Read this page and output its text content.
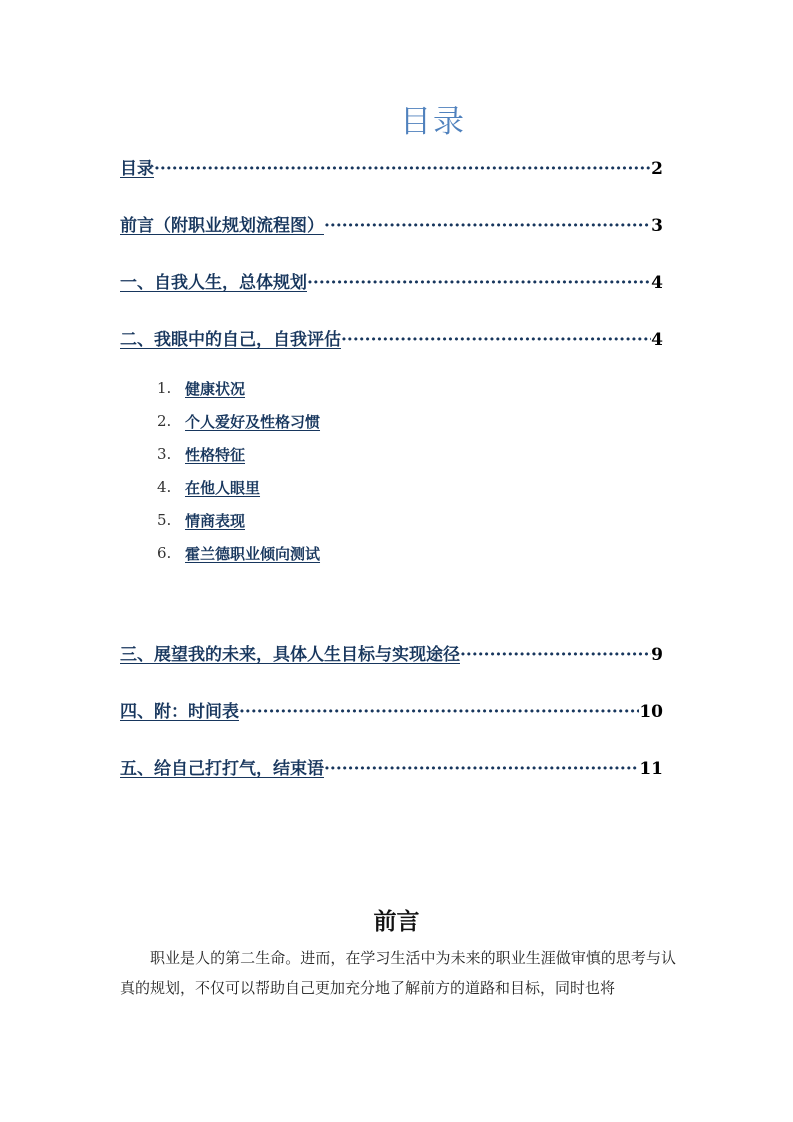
目录
目录 ·····	2
前言（附职业规划流程图） ·····	3
一、自我人生，总体规划 ·····	4
二、我眼中的自己，自我评估 ·····	4
1. 健康状况
2. 个人爱好及性格习惯
3. 性格特征
4. 在他人眼里
5. 情商表现
6. 霍兰德职业倾向测试
三、展望我的未来，具体人生目标与实现途径 ·····	9
四、附：时间表 ·····	10
五、给自己打打气，结束语 ·····	11
前言
职业是人的第二生命。进而，在学习生活中为未来的职业生涯做审慎的思考与认真的规划，不仅可以帮助自己更加充分地了解前方的道路和目标，同时也将
